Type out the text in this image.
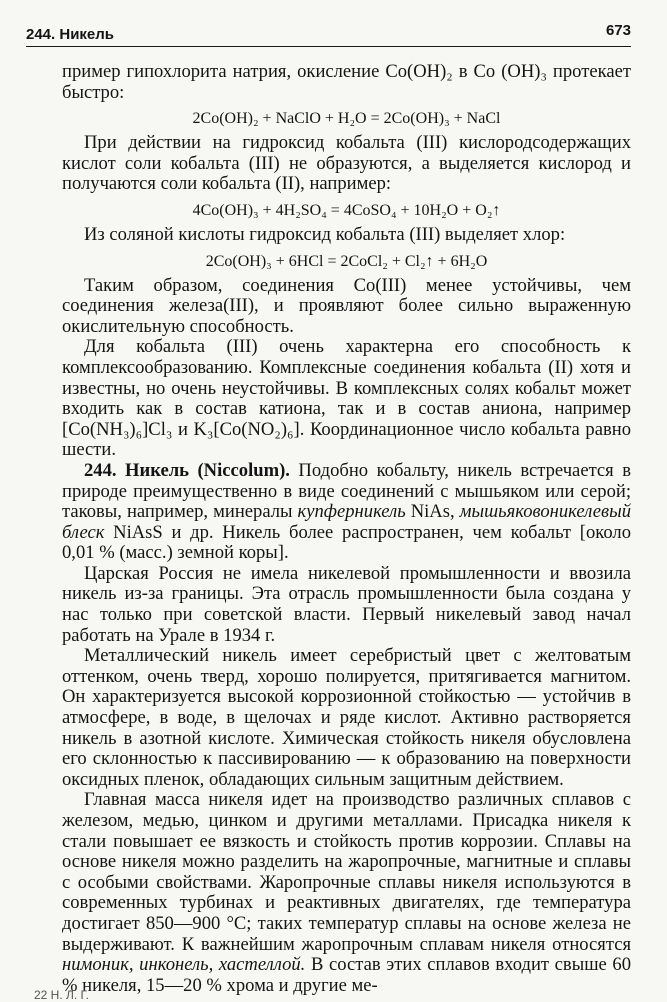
244. Никель	673

пример гипохлорита натрия, окисление Co(OH)₂ в Co (OH)₃ протекает быстро:

2Co(OH)₂ + NaClO + H₂O = 2Co(OH)₃ + NaCl

При действии на гидроксид кобальта (III) кислородсодержащих кислот соли кобальта (III) не образуются, а выделяется кислород и получаются соли кобальта (II), например:

4Co(OH)₃ + 4H₂SO₄ = 4CoSO₄ + 10H₂O + O₂↑

Из соляной кислоты гидроксид кобальта (III) выделяет хлор:

2Co(OH)₃ + 6HCl = 2CoCl₂ + Cl₂↑ + 6H₂O

Таким образом, соединения Co(III) менее устойчивы, чем соединения железа(III), и проявляют более сильно выраженную окислительную способность.

Для кобальта (III) очень характерна его способность к комплексообразованию. Комплексные соединения кобальта (II) хотя и известны, но очень неустойчивы. В комплексных солях кобальт может входить как в состав катиона, так и в состав аниона, например [Co(NH₃)₆]Cl₃ и K₃[Co(NO₂)₆]. Координационное число кобальта равно шести.

244. Никель (Niccolum). Подобно кобальту, никель встречается в природе преимущественно в виде соединений с мышьяком или серой; таковы, например, минералы купферникель NiAs, мышьяковоникелевый блеск NiAsS и др. Никель более распространен, чем кобальт [около 0,01 % (масс.) земной коры].

Царская Россия не имела никелевой промышленности и ввозила никель из-за границы. Эта отрасль промышленности была создана у нас только при советской власти. Первый никелевый завод начал работать на Урале в 1934 г.

Металлический никель имеет серебристый цвет с желтоватым оттенком, очень тверд, хорошо полируется, притягивается магнитом. Он характеризуется высокой коррозионной стойкостью — устойчив в атмосфере, в воде, в щелочах и ряде кислот. Активно растворяется никель в азотной кислоте. Химическая стойкость никеля обусловлена его склонностью к пассивированию — к образованию на поверхности оксидных пленок, обладающих сильным защитным действием.

Главная масса никеля идет на производство различных сплавов с железом, медью, цинком и другими металлами. Присадка никеля к стали повышает ее вязкость и стойкость против коррозии. Сплавы на основе никеля можно разделить на жаропрочные, магнитные и сплавы с особыми свойствами. Жаропрочные сплавы никеля используются в современных турбинах и реактивных двигателях, где температура достигает 850—900 °C; таких температур сплавы на основе железа не выдерживают. К важнейшим жаропрочным сплавам никеля относятся нимоник, инконель, хастеллой. В состав этих сплавов входит свыше 60 % никеля, 15—20 % хрома и другие ме-

22 Н. Л. Г.
